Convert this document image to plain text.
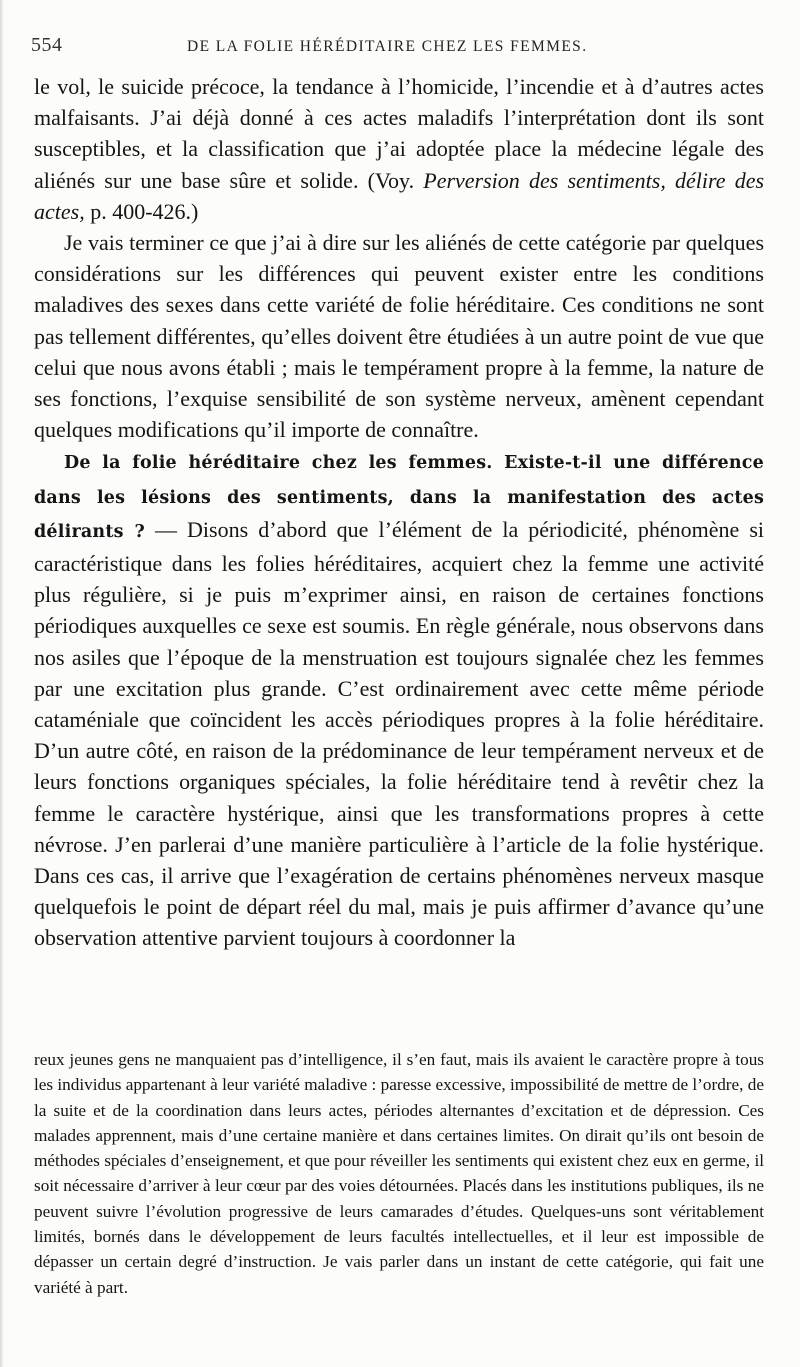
554	DE LA FOLIE HÉRÉDITAIRE CHEZ LES FEMMES.

le vol, le suicide précoce, la tendance à l’homicide, l’incendie et à d’autres actes malfaisants. J’ai déjà donné à ces actes maladifs l’interprétation dont ils sont susceptibles, et la classification que j’ai adoptée place la médecine légale des aliénés sur une base sûre et solide. (Voy. Perversion des sentiments, délire des actes, p. 400-426.)

Je vais terminer ce que j’ai à dire sur les aliénés de cette catégorie par quelques considérations sur les différences qui peuvent exister entre les conditions maladives des sexes dans cette variété de folie héréditaire. Ces conditions ne sont pas tellement différentes, qu’elles doivent être étudiées à un autre point de vue que celui que nous avons établi ; mais le tempérament propre à la femme, la nature de ses fonctions, l’exquise sensibilité de son système nerveux, amènent cependant quelques modifications qu’il importe de connaître.

De la folie héréditaire chez les femmes. Existe-t-il une différence dans les lésions des sentiments, dans la manifestation des actes délirants ? — Disons d’abord que l’élément de la périodicité, phénomène si caractéristique dans les folies héréditaires, acquiert chez la femme une activité plus régulière, si je puis m’exprimer ainsi, en raison de certaines fonctions périodiques auxquelles ce sexe est soumis. En règle générale, nous observons dans nos asiles que l’époque de la menstruation est toujours signalée chez les femmes par une excitation plus grande. C’est ordinairement avec cette même période cataméniale que coïncident les accès périodiques propres à la folie héréditaire. D’un autre côté, en raison de la prédominance de leur tempérament nerveux et de leurs fonctions organiques spéciales, la folie héréditaire tend à revêtir chez la femme le caractère hystérique, ainsi que les transformations propres à cette névrose. J’en parlerai d’une manière particulière à l’article de la folie hystérique. Dans ces cas, il arrive que l’exagération de certains phénomènes nerveux masque quelquefois le point de départ réel du mal, mais je puis affirmer d’avance qu’une observation attentive parvient toujours à coordonner la

reux jeunes gens ne manquaient pas d’intelligence, il s’en faut, mais ils avaient le caractère propre à tous les individus appartenant à leur variété maladive : paresse excessive, impossibilité de mettre de l’ordre, de la suite et de la coordination dans leurs actes, périodes alternantes d’excitation et de dépression. Ces malades apprennent, mais d’une certaine manière et dans certaines limites. On dirait qu’ils ont besoin de méthodes spéciales d’enseignement, et que pour réveiller les sentiments qui existent chez eux en germe, il soit nécessaire d’arriver à leur cœur par des voies détournées. Placés dans les institutions publiques, ils ne peuvent suivre l’évolution progressive de leurs camarades d’études. Quelques-uns sont véritablement limités, bornés dans le développement de leurs facultés intellectuelles, et il leur est impossible de dépasser un certain degré d’instruction. Je vais parler dans un instant de cette catégorie, qui fait une variété à part.
